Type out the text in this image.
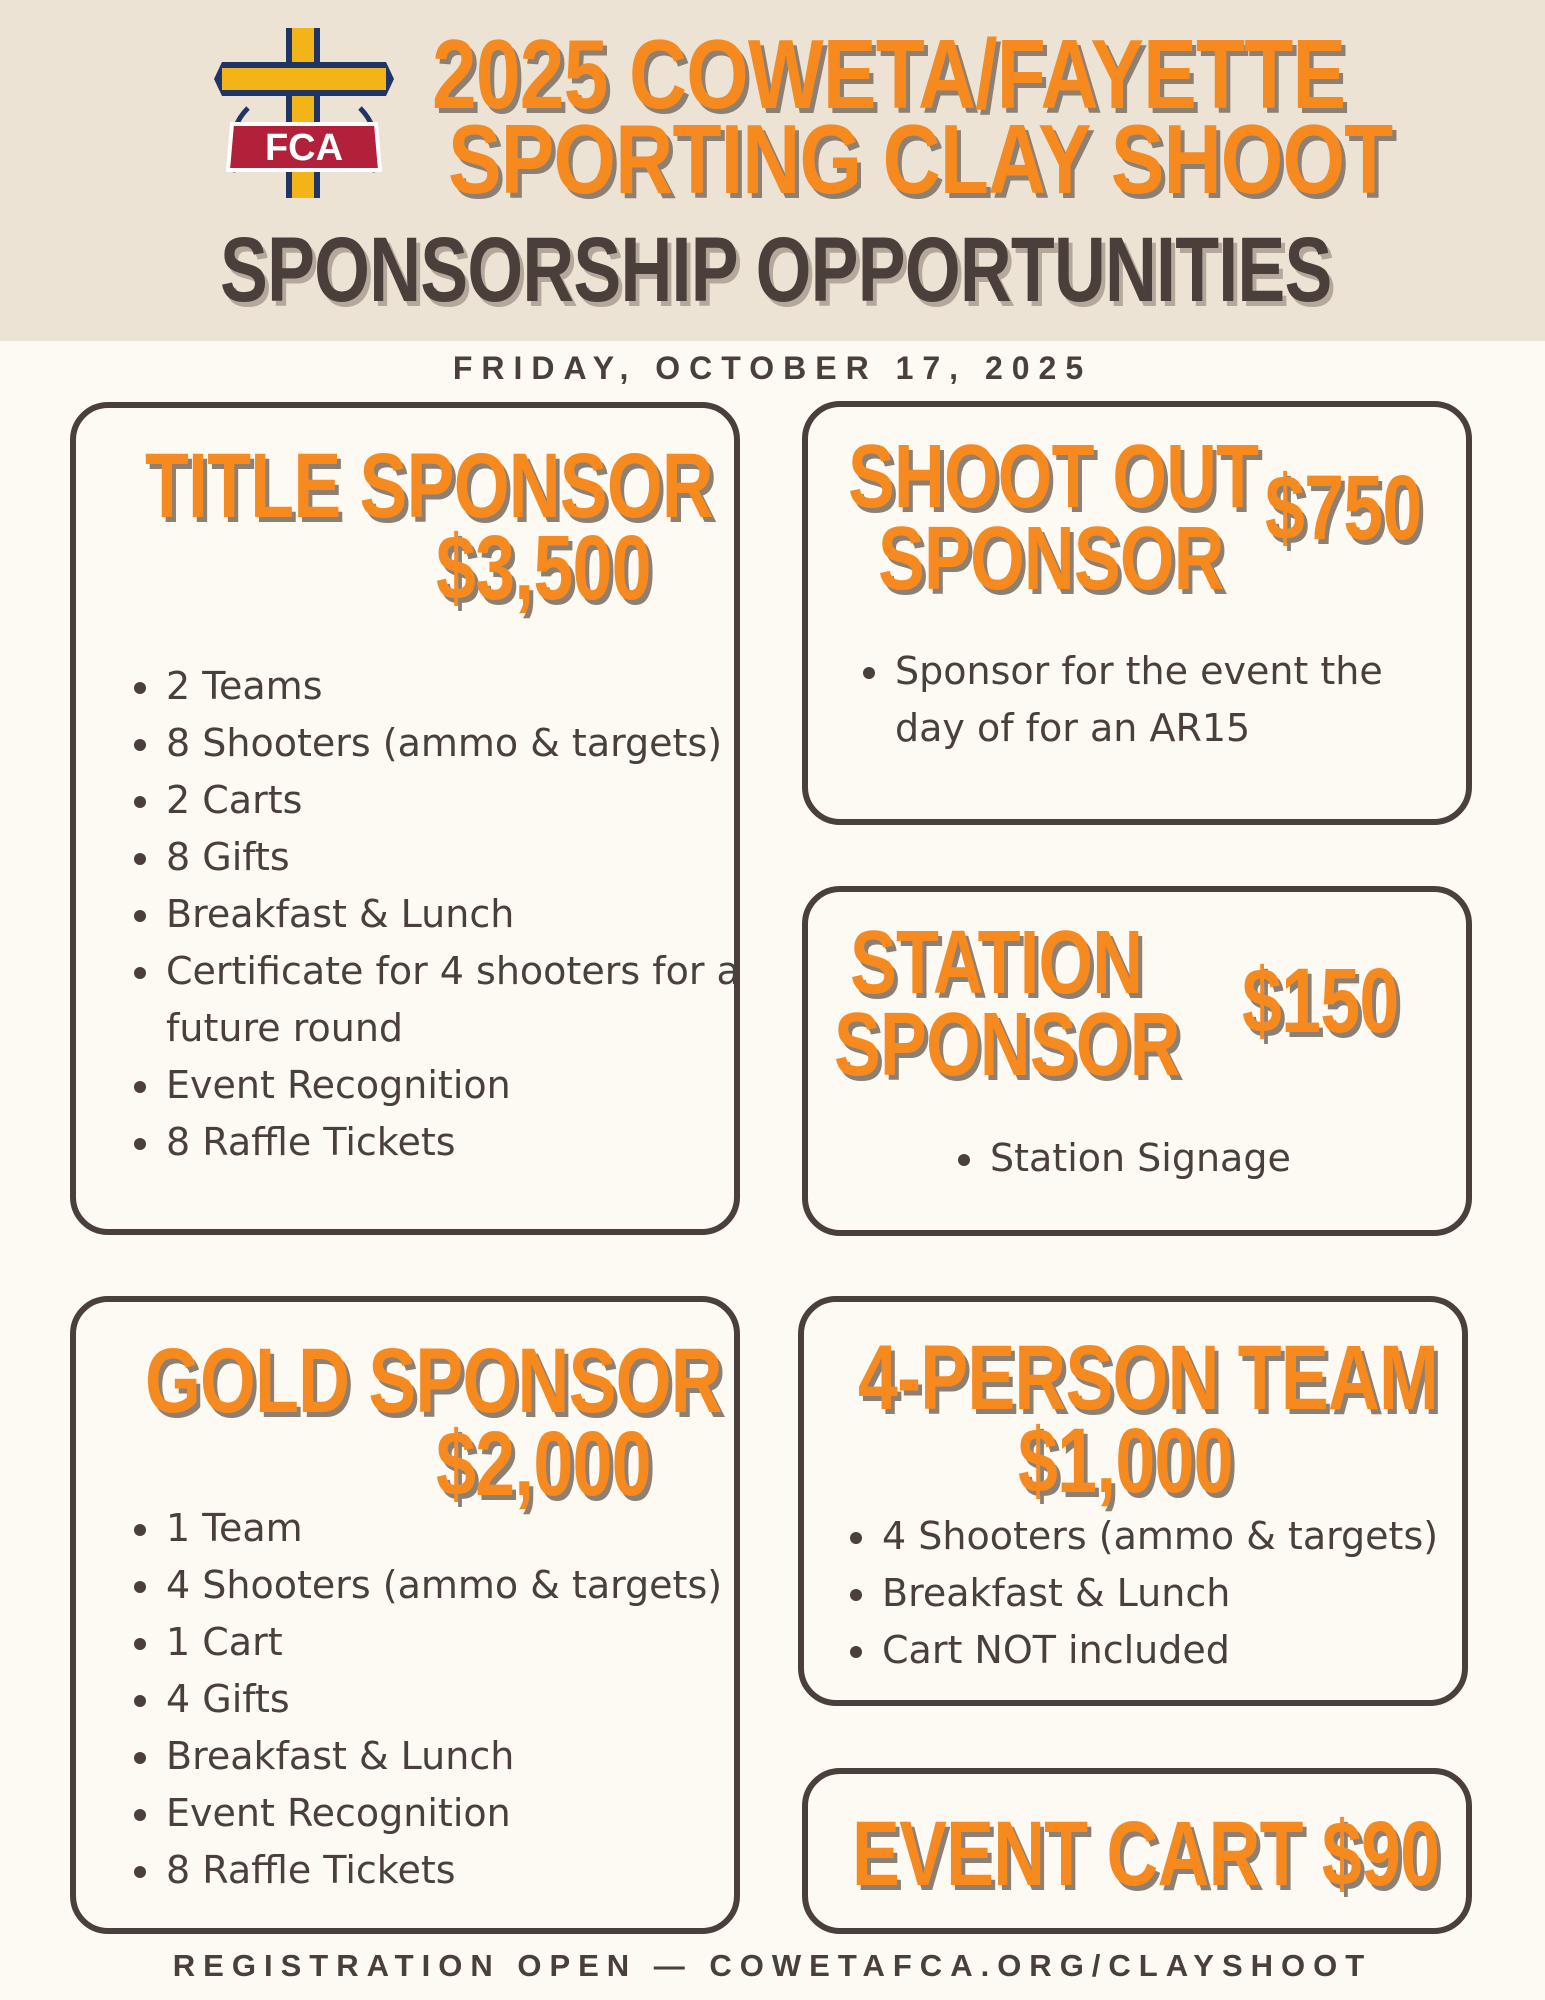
FCA
2025 COWETA/FAYETTE
SPORTING CLAY SHOOT
SPONSORSHIP OPPORTUNITIES
FRIDAY, OCTOBER 17, 2025
TITLE SPONSOR
$3,500
• 2 Teams
• 8 Shooters (ammo & targets)
• 2 Carts
• 8 Gifts
• Breakfast & Lunch
• Certificate for 4 shooters for a future round
• Event Recognition
• 8 Raffle Tickets
SHOOT OUT
SPONSOR $750
• Sponsor for the event the day of for an AR15
STATION
SPONSOR $150
• Station Signage
GOLD SPONSOR
$2,000
• 1 Team
• 4 Shooters (ammo & targets)
• 1 Cart
• 4 Gifts
• Breakfast & Lunch
• Event Recognition
• 8 Raffle Tickets
4-PERSON TEAM
$1,000
• 4 Shooters (ammo & targets)
• Breakfast & Lunch
• Cart NOT included
EVENT CART $90
REGISTRATION OPEN — COWETAFCA.ORG/CLAYSHOOT
